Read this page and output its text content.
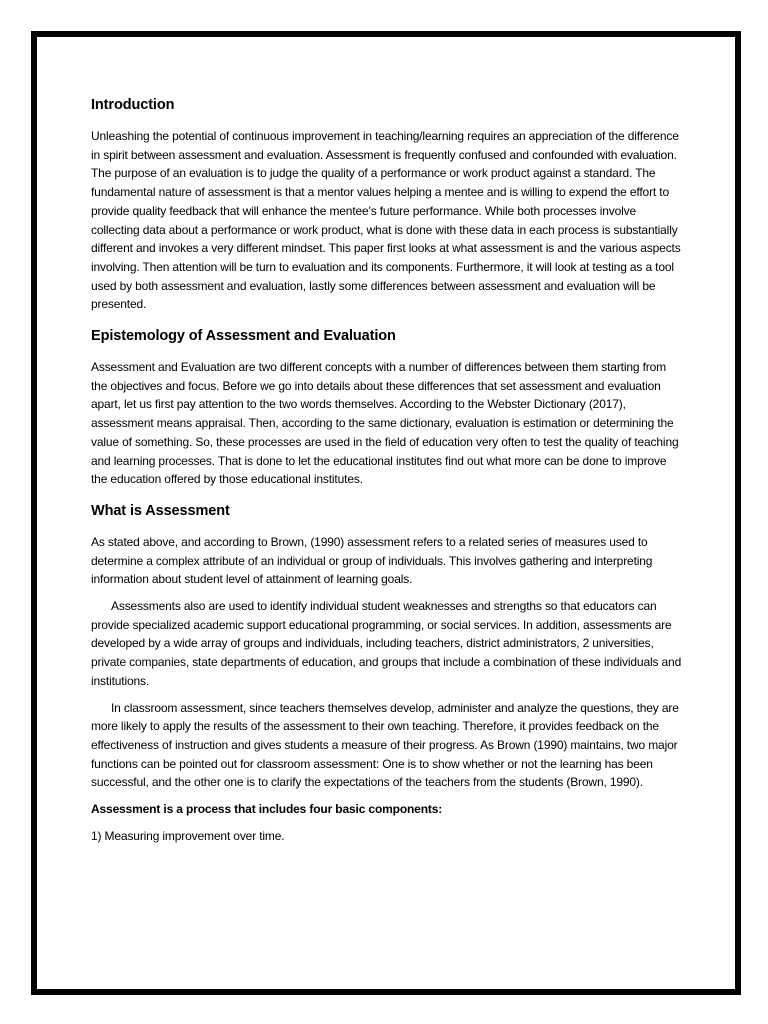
Introduction

Unleashing the potential of continuous improvement in teaching/learning requires an appreciation of the difference in spirit between assessment and evaluation. Assessment is frequently confused and confounded with evaluation. The purpose of an evaluation is to judge the quality of a performance or work product against a standard. The fundamental nature of assessment is that a mentor values helping a mentee and is willing to expend the effort to provide quality feedback that will enhance the mentee's future performance. While both processes involve collecting data about a performance or work product, what is done with these data in each process is substantially different and invokes a very different mindset. This paper first looks at what assessment is and the various aspects involving. Then attention will be turn to evaluation and its components. Furthermore, it will look at testing as a tool used by both assessment and evaluation, lastly some differences between assessment and evaluation will be presented.

Epistemology of Assessment and Evaluation

Assessment and Evaluation are two different concepts with a number of differences between them starting from the objectives and focus. Before we go into details about these differences that set assessment and evaluation apart, let us first pay attention to the two words themselves. According to the Webster Dictionary (2017), assessment means appraisal. Then, according to the same dictionary, evaluation is estimation or determining the value of something. So, these processes are used in the field of education very often to test the quality of teaching and learning processes. That is done to let the educational institutes find out what more can be done to improve the education offered by those educational institutes.

What is Assessment

As stated above, and according to Brown, (1990) assessment refers to a related series of measures used to determine a complex attribute of an individual or group of individuals. This involves gathering and interpreting information about student level of attainment of learning goals.

Assessments also are used to identify individual student weaknesses and strengths so that educators can provide specialized academic support educational programming, or social services. In addition, assessments are developed by a wide array of groups and individuals, including teachers, district administrators, 2 universities, private companies, state departments of education, and groups that include a combination of these individuals and institutions.

In classroom assessment, since teachers themselves develop, administer and analyze the questions, they are more likely to apply the results of the assessment to their own teaching. Therefore, it provides feedback on the effectiveness of instruction and gives students a measure of their progress. As Brown (1990) maintains, two major functions can be pointed out for classroom assessment: One is to show whether or not the learning has been successful, and the other one is to clarify the expectations of the teachers from the students (Brown, 1990).

Assessment is a process that includes four basic components:

1) Measuring improvement over time.
